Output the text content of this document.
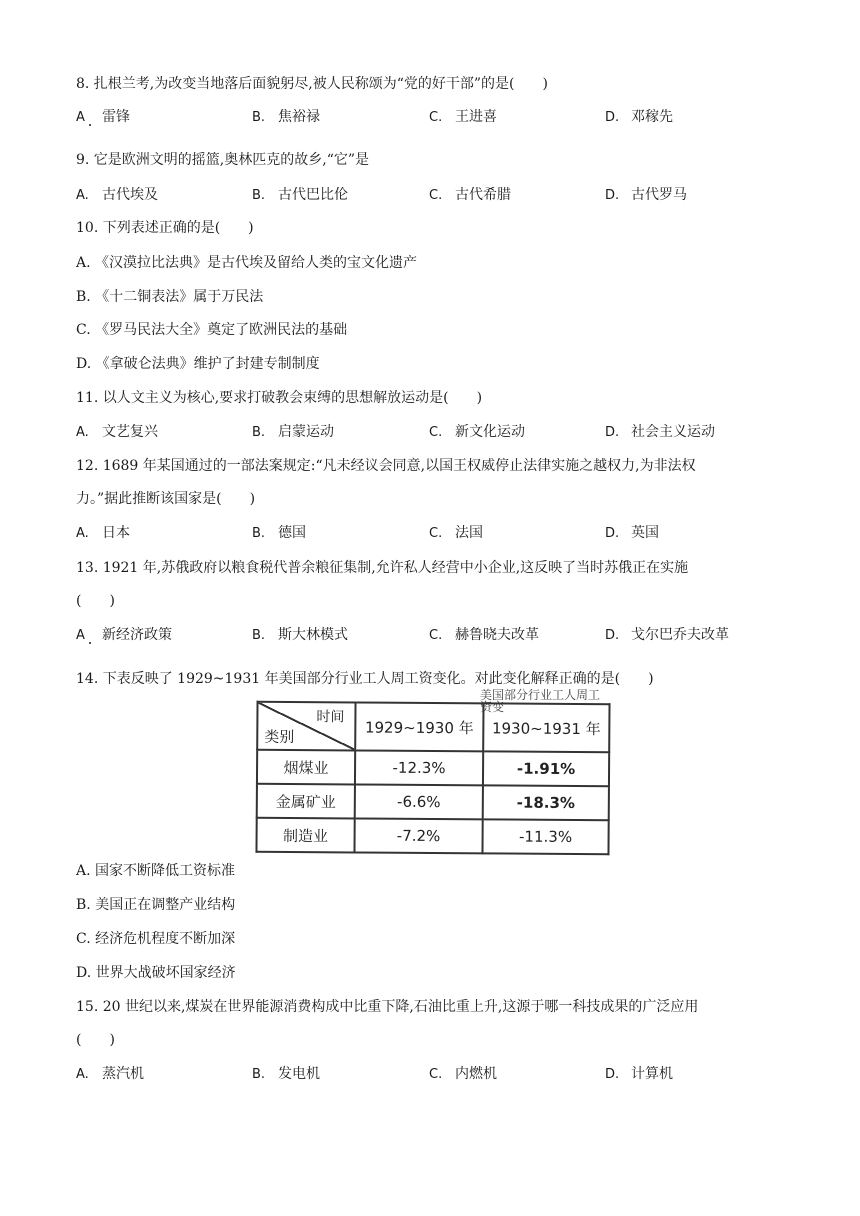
8. 扎根兰考,为改变当地落后面貌躬尽,被人民称颂为“党的好干部”的是(　　)
A 雷锋	B. 焦裕禄	C. 王进喜	D. 邓稼先
9. 它是欧洲文明的摇篮,奥林匹克的故乡,“它”是
A. 古代埃及	B. 古代巴比伦	C. 古代希腊	D. 古代罗马
10. 下列表述正确的是(　　)
A. 《汉漠拉比法典》是古代埃及留给人类的宝文化遗产
B. 《十二铜表法》属于万民法
C. 《罗马民法大全》奠定了欧洲民法的基础
D. 《拿破仑法典》维护了封建专制制度
11. 以人文主义为核心,要求打破教会束缚的思想解放运动是(　　)
A. 文艺复兴	B. 启蒙运动	C. 新文化运动	D. 社会主义运动
12. 1689 年某国通过的一部法案规定:“凡未经议会同意,以国王权威停止法律实施之越权力,为非法权
力。”据此推断该国家是(　　)
A. 日本	B. 德国	C. 法国	D. 英国
13. 1921 年,苏俄政府以粮食税代普余粮征集制,允许私人经营中小企业,这反映了当时苏俄正在实施
(　　)
A 新经济政策	B. 斯大林模式	C. 赫鲁晓夫改革	D. 戈尔巴乔夫改革
14. 下表反映了 1929~1931 年美国部分行业工人周工资变化。对此变化解释正确的是(　　)
美国部分行业工人周工资变
时间
类别	1929~1930 年	1930~1931 年
烟煤业	-12.3%	-1.91%
金属矿业	-6.6%	-18.3%
制造业	-7.2%	-11.3%
A. 国家不断降低工资标准
B. 美国正在调整产业结构
C. 经济危机程度不断加深
D. 世界大战破坏国家经济
15. 20 世纪以来,煤炭在世界能源消费构成中比重下降,石油比重上升,这源于哪一科技成果的广泛应用
(　　)
A. 蒸汽机	B. 发电机	C. 内燃机	D. 计算机
